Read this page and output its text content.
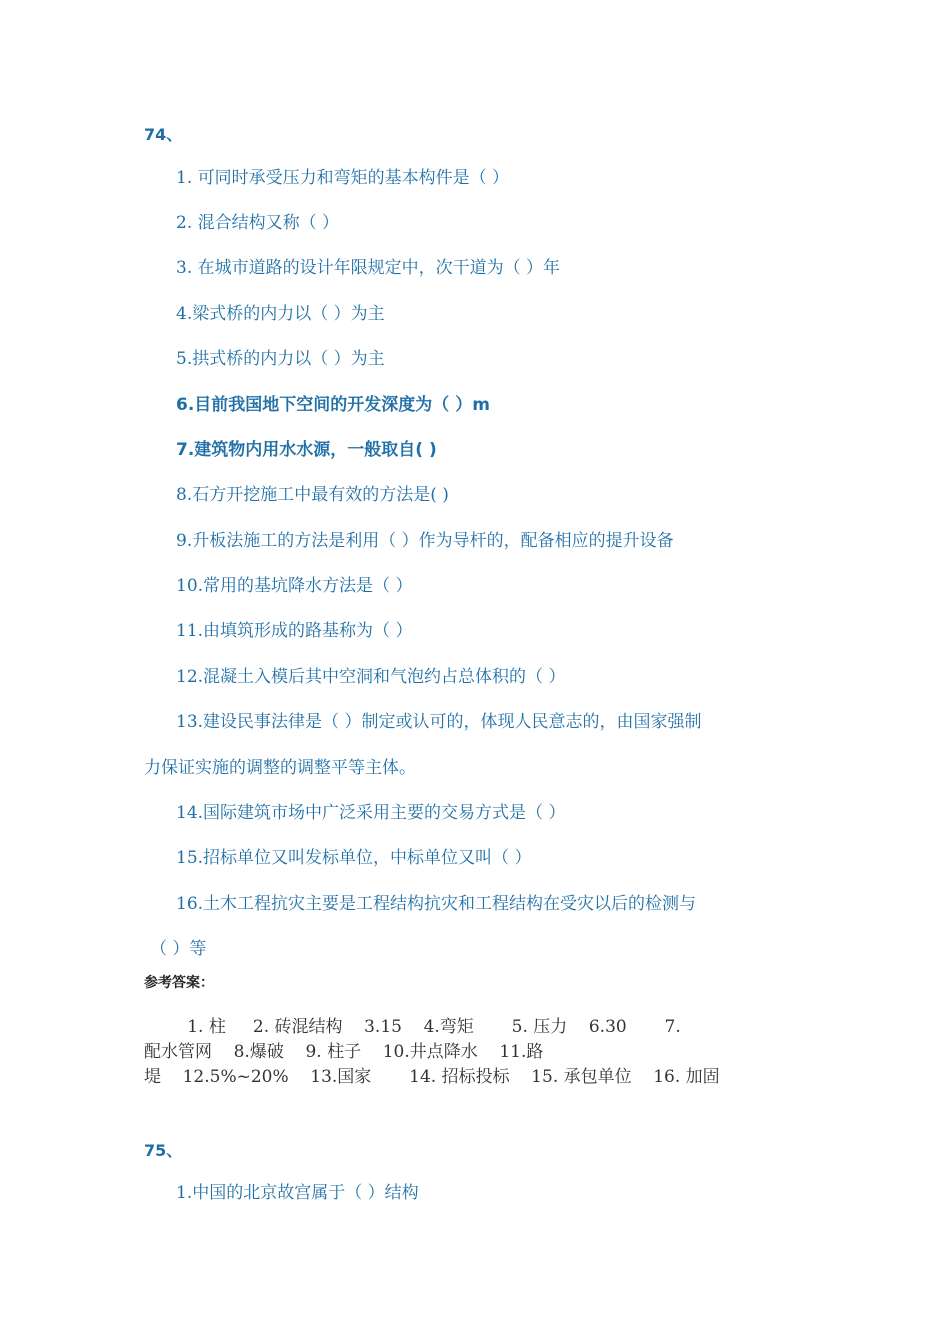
74、
1. 可同时承受压力和弯矩的基本构件是（ ）
2. 混合结构又称（ ）
3. 在城市道路的设计年限规定中，次干道为（ ）年
4.梁式桥的内力以（ ）为主
5.拱式桥的内力以（ ）为主
6.目前我国地下空间的开发深度为（ ）m
7.建筑物内用水水源，一般取自( )
8.石方开挖施工中最有效的方法是( )
9.升板法施工的方法是利用（ ）作为导杆的，配备相应的提升设备
10.常用的基坑降水方法是（ ）
11.由填筑形成的路基称为（ ）
12.混凝土入模后其中空洞和气泡约占总体积的（ ）
13.建设民事法律是（ ）制定或认可的，体现人民意志的，由国家强制
力保证实施的调整的调整平等主体。
14.国际建筑市场中广泛采用主要的交易方式是（ ）
15.招标单位又叫发标单位，中标单位又叫（ ）
16.土木工程抗灾主要是工程结构抗灾和工程结构在受灾以后的检测与
（ ）等
参考答案：
1. 柱     2. 砖混结构    3.15    4.弯矩       5. 压力    6.30       7.
配水管网    8.爆破    9. 柱子    10.井点降水    11.路
堤    12.5%~20%    13.国家       14. 招标投标    15. 承包单位    16. 加固
75、
1.中国的北京故宫属于（ ）结构
